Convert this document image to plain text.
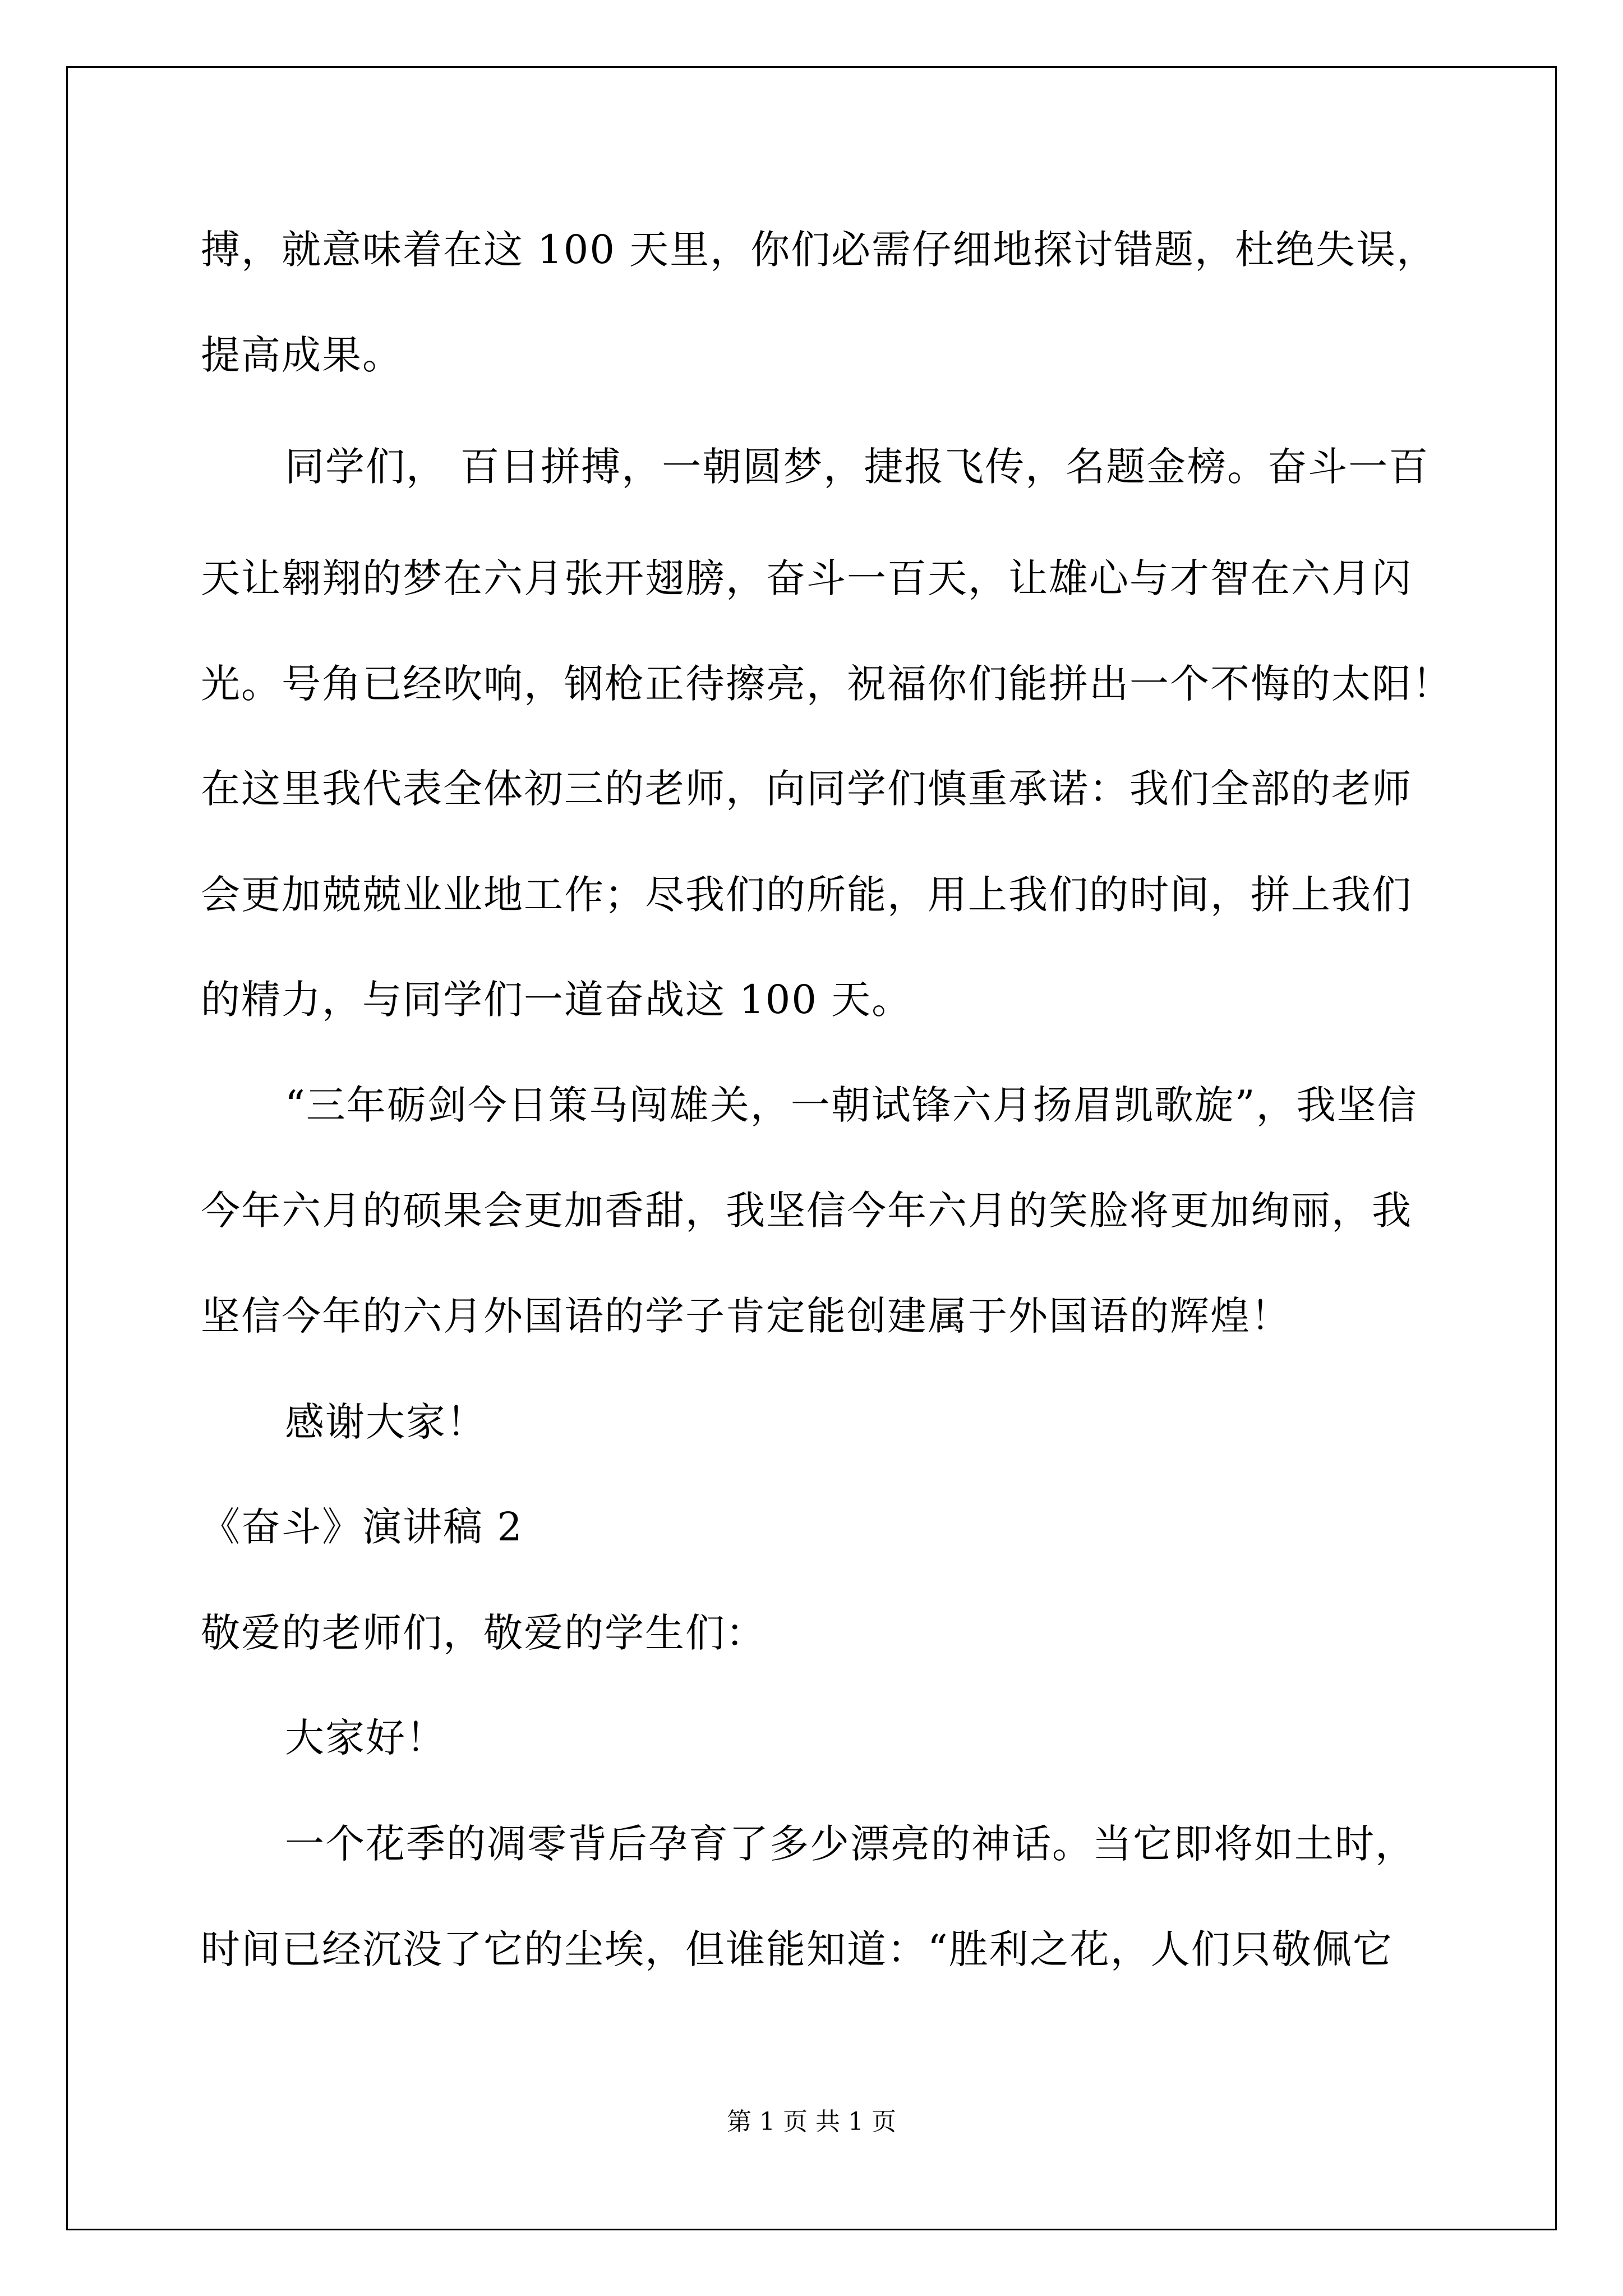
搏，就意味着在这 100 天里，你们必需仔细地探讨错题，杜绝失误，
提高成果。
同学们， 百日拼搏，一朝圆梦，捷报飞传，名题金榜。奋斗一百
天让翱翔的梦在六月张开翅膀，奋斗一百天，让雄心与才智在六月闪
光。号角已经吹响，钢枪正待擦亮，祝福你们能拼出一个不悔的太阳！
在这里我代表全体初三的老师，向同学们慎重承诺：我们全部的老师
会更加兢兢业业地工作；尽我们的所能，用上我们的时间，拼上我们
的精力，与同学们一道奋战这 100 天。
“三年砺剑今日策马闯雄关，一朝试锋六月扬眉凯歌旋”，我坚信
今年六月的硕果会更加香甜，我坚信今年六月的笑脸将更加绚丽，我
坚信今年的六月外国语的学子肯定能创建属于外国语的辉煌！
感谢大家！
《奋斗》演讲稿 2
敬爱的老师们，敬爱的学生们：
大家好！
一个花季的凋零背后孕育了多少漂亮的神话。当它即将如土时，
时间已经沉没了它的尘埃，但谁能知道：“胜利之花，人们只敬佩它
第 1 页 共 1 页
